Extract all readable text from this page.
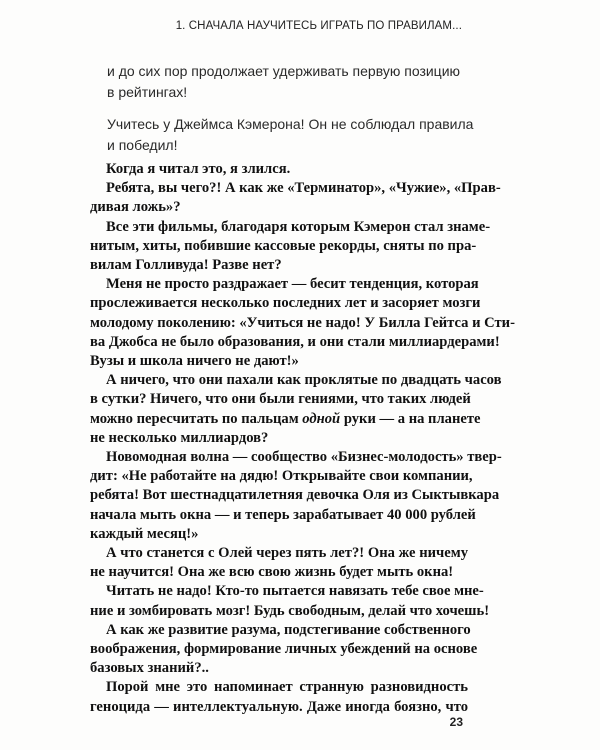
1. СНАЧАЛА НАУЧИТЕСЬ ИГРАТЬ ПО ПРАВИЛАМ...

и до сих пор продолжает удерживать первую позицию
в рейтингах!

Учитесь у Джеймса Кэмерона! Он не соблюдал правила
и победил!

Когда я читал это, я злился.
Ребята, вы чего?! А как же «Терминатор», «Чужие», «Прав-
дивая ложь»?
Все эти фильмы, благодаря которым Кэмерон стал знаме-
нитым, хиты, побившие кассовые рекорды, сняты по пра-
вилам Голливуда! Разве нет?
Меня не просто раздражает — бесит тенденция, которая
прослеживается несколько последних лет и засоряет мозги
молодому поколению: «Учиться не надо! У Билла Гейтса и Сти-
ва Джобса не было образования, и они стали миллиардерами!
Вузы и школа ничего не дают!»
А ничего, что они пахали как проклятые по двадцать часов
в сутки? Ничего, что они были гениями, что таких людей
можно пересчитать по пальцам одной руки — а на планете
не несколько миллиардов?
Новомодная волна — сообщество «Бизнес-молодость» твер-
дит: «Не работайте на дядю! Открывайте свои компании,
ребята! Вот шестнадцатилетняя девочка Оля из Сыктывкара
начала мыть окна — и теперь зарабатывает 40 000 рублей
каждый месяц!»
А что станется с Олей через пять лет?! Она же ничему
не научится! Она же всю свою жизнь будет мыть окна!
Читать не надо! Кто-то пытается навязать тебе свое мне-
ние и зомбировать мозг! Будь свободным, делай что хочешь!
А как же развитие разума, подстегивание собственного
воображения, формирование личных убеждений на основе
базовых знаний?..
Порой мне это напоминает странную разновидность
геноцида — интеллектуальную. Даже иногда боязно, что
23
